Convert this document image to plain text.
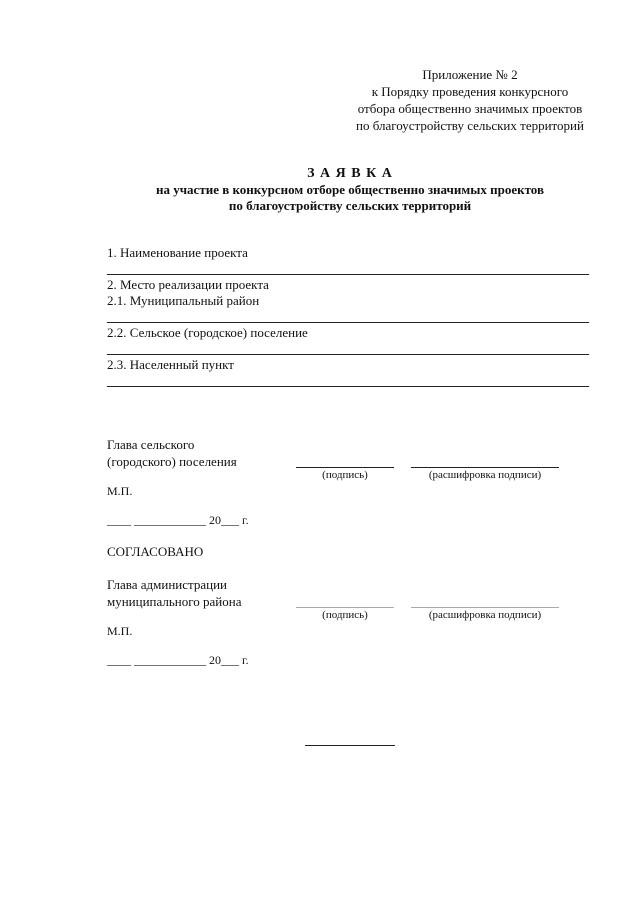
Приложение № 2
к Порядку проведения конкурсного
отбора общественно значимых проектов
по благоустройству сельских территорий
З А Я В К А
на участие в конкурсном отборе общественно значимых проектов
по благоустройству сельских территорий
1. Наименование проекта
2. Место реализации проекта
2.1. Муниципальный район
2.2. Сельское (городское) поселение
2.3. Населенный пункт
Глава сельского
(городского) поселения
(подпись)	(расшифровка подписи)
М.П.
____ ____________ 20___ г.
СОГЛАСОВАНО
Глава администрации
муниципального района
(подпись)	(расшифровка подписи)
М.П.
____ ____________ 20___ г.
